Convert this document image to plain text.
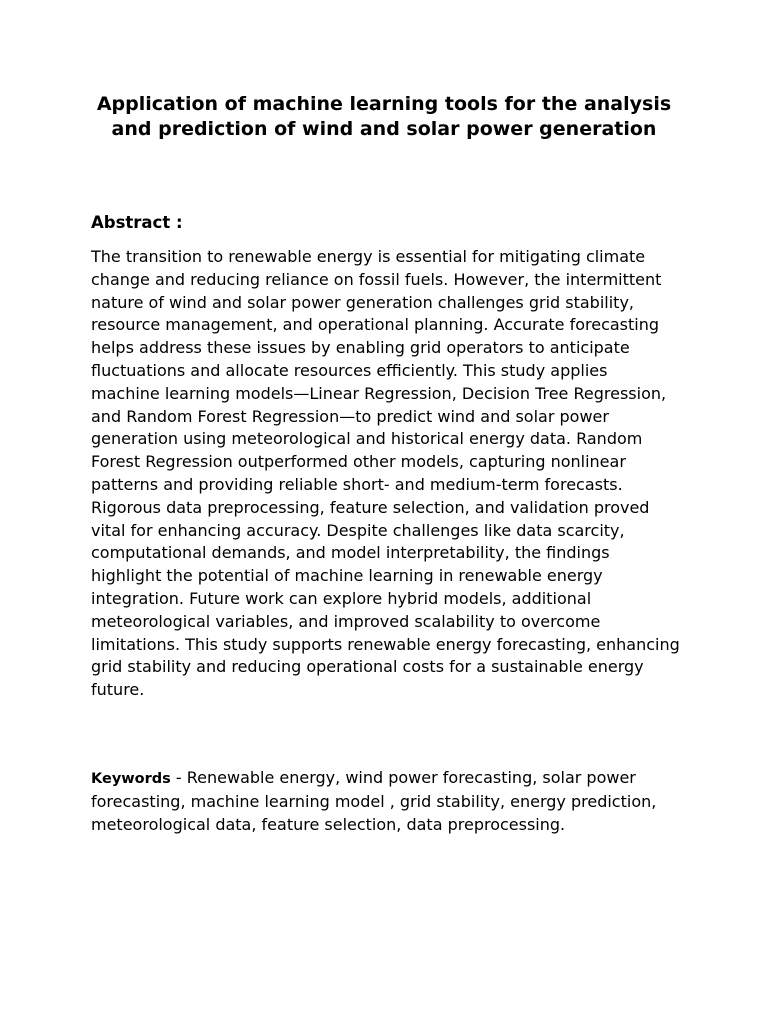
Application of machine learning tools for the analysis and prediction of wind and solar power generation
Abstract :

The transition to renewable energy is essential for mitigating climate change and reducing reliance on fossil fuels. However, the intermittent nature of wind and solar power generation challenges grid stability, resource management, and operational planning. Accurate forecasting helps address these issues by enabling grid operators to anticipate fluctuations and allocate resources efficiently. This study applies machine learning models—Linear Regression, Decision Tree Regression, and Random Forest Regression—to predict wind and solar power generation using meteorological and historical energy data. Random Forest Regression outperformed other models, capturing nonlinear patterns and providing reliable short- and medium-term forecasts. Rigorous data preprocessing, feature selection, and validation proved vital for enhancing accuracy. Despite challenges like data scarcity, computational demands, and model interpretability, the findings highlight the potential of machine learning in renewable energy integration. Future work can explore hybrid models, additional meteorological variables, and improved scalability to overcome limitations. This study supports renewable energy forecasting, enhancing grid stability and reducing operational costs for a sustainable energy future.

Keywords - Renewable energy, wind power forecasting, solar power forecasting, machine learning model , grid stability, energy prediction, meteorological data, feature selection, data preprocessing.
